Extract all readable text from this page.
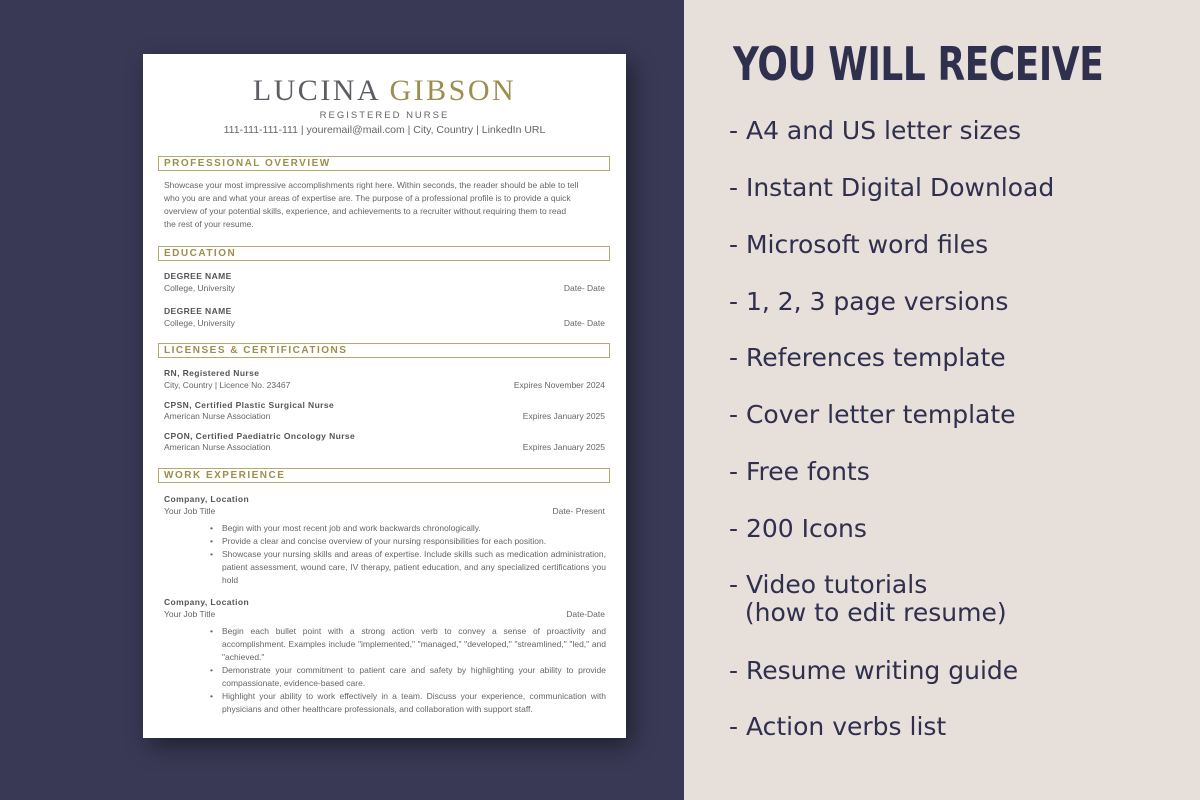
LUCINA GIBSON
REGISTERED NURSE
111-111-111-111 | youremail@mail.com | City, Country | LinkedIn URL
PROFESSIONAL OVERVIEW
Showcase your most impressive accomplishments right here. Within seconds, the reader should be able to tell
who you are and what your areas of expertise are. The purpose of a professional profile is to provide a quick
overview of your potential skills, experience, and achievements to a recruiter without requiring them to read
the rest of your resume.
EDUCATION
DEGREE NAME
College, University	Date- Date
DEGREE NAME
College, University	Date- Date
LICENSES & CERTIFICATIONS
RN, Registered Nurse
City, Country | Licence No. 23467	Expires November 2024
CPSN, Certified Plastic Surgical Nurse
American Nurse Association	Expires January 2025
CPON, Certified Paediatric Oncology Nurse
American Nurse Association	Expires January 2025
WORK EXPERIENCE
Company, Location
Your Job Title	Date- Present
• Begin with your most recent job and work backwards chronologically.
• Provide a clear and concise overview of your nursing responsibilities for each position.
• Showcase your nursing skills and areas of expertise. Include skills such as medication administration, patient assessment, wound care, IV therapy, patient education, and any specialized certifications you hold
Company, Location
Your Job Title	Date-Date
• Begin each bullet point with a strong action verb to convey a sense of proactivity and accomplishment. Examples include "implemented," "managed," "developed," "streamlined," "led," and "achieved."
• Demonstrate your commitment to patient care and safety by highlighting your ability to provide compassionate, evidence-based care.
• Highlight your ability to work effectively in a team. Discuss your experience, communication with physicians and other healthcare professionals, and collaboration with support staff.
YOU WILL RECEIVE
- A4 and US letter sizes
- Instant Digital Download
- Microsoft word files
- 1, 2, 3 page versions
- References template
- Cover letter template
- Free fonts
- 200 Icons
- Video tutorials
(how to edit resume)
- Resume writing guide
- Action verbs list
